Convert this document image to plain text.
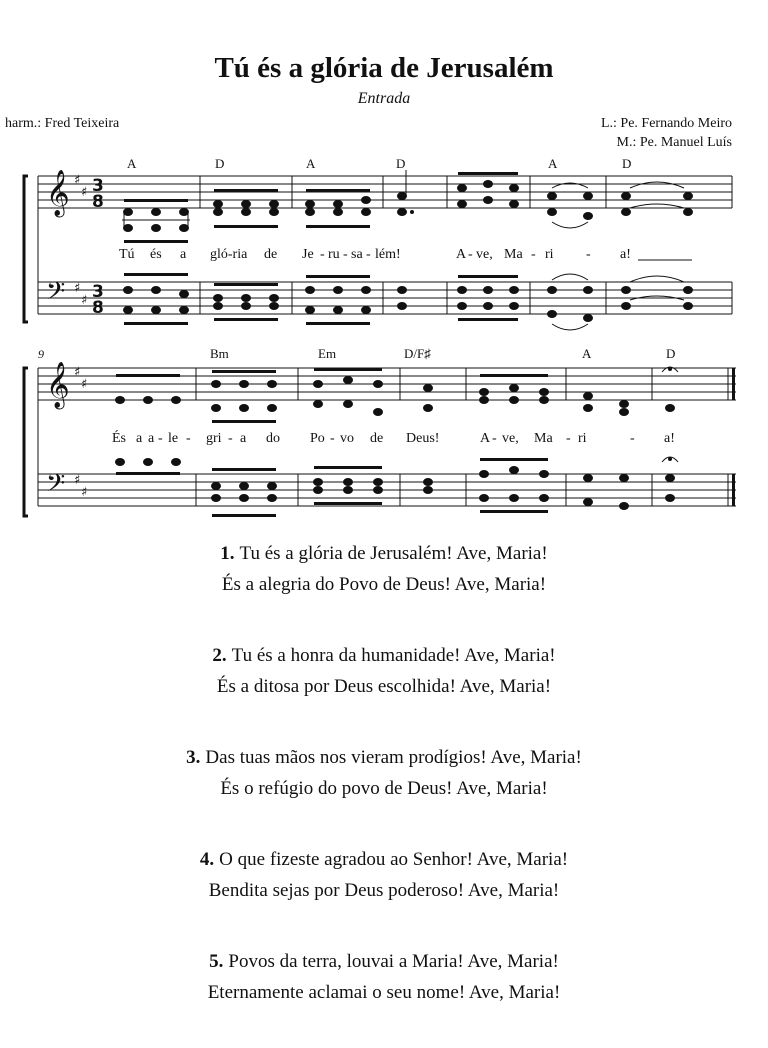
Tú és a glória de Jerusalém
Entrada
harm.: Fred Teixeira	L.: Pe. Fernando Meiro
M.: Pe. Manuel Luís
A	D	A	D	A	D
𝄞
𝄢
♯
♯
♯
♯
3
8
3
8
Tú és a gló-ria de Je - ru - sa - lém!	A - ve, Ma - ri - a!
9	Bm	Em	D/F♯	A	D
𝄞
𝄢
♯
♯
♯
♯
És a a - le - gri - a do Po - vo de Deus!	A - ve, Ma - ri	- a!
1. Tu és a glória de Jerusalém! Ave, Maria!
És a alegria do Povo de Deus! Ave, Maria!
2. Tu és a honra da humanidade! Ave, Maria!
És a ditosa por Deus escolhida! Ave, Maria!
3. Das tuas mãos nos vieram prodígios! Ave, Maria!
És o refúgio do povo de Deus! Ave, Maria!
4. O que fizeste agradou ao Senhor! Ave, Maria!
Bendita sejas por Deus poderoso! Ave, Maria!
5. Povos da terra, louvai a Maria! Ave, Maria!
Eternamente aclamai o seu nome! Ave, Maria!
